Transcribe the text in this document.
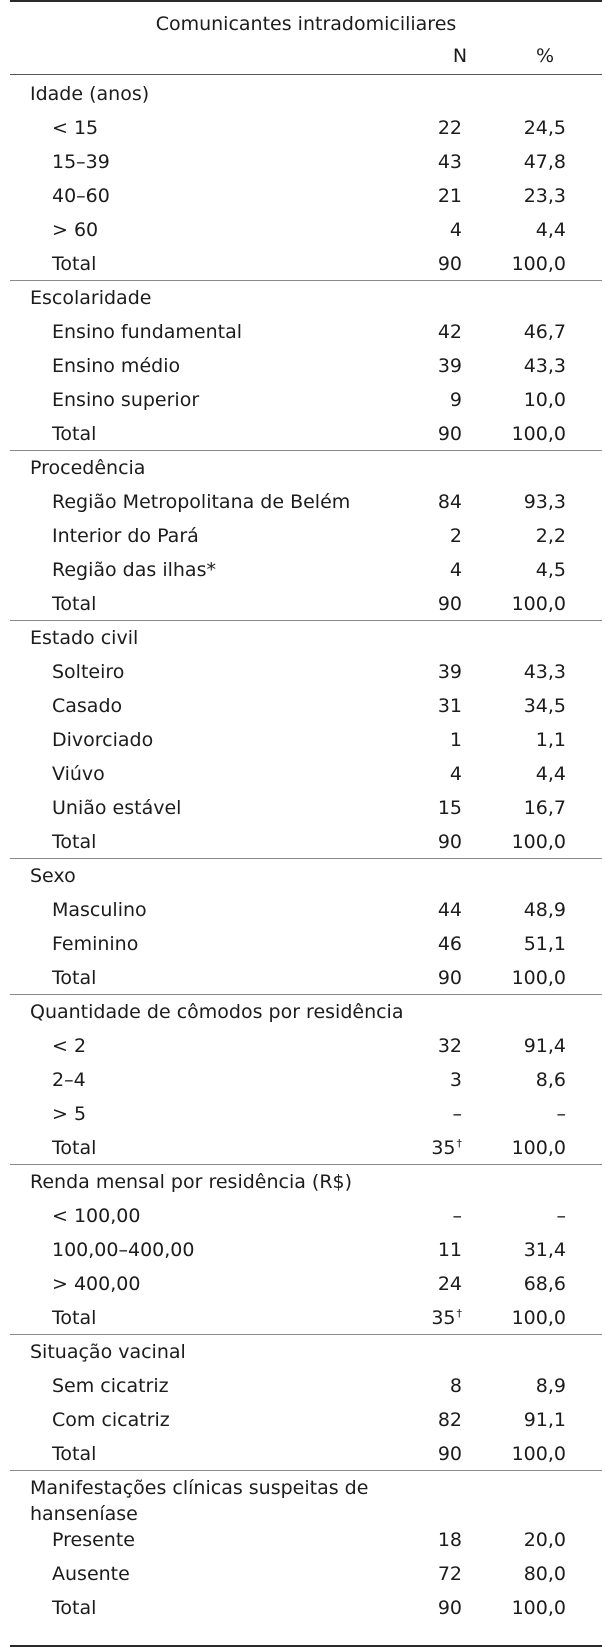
Comunicantes intradomiciliares
N	%
Idade (anos)
< 15	22	24,5
15–39	43	47,8
40–60	21	23,3
> 60	4	4,4
Total	90	100,0
Escolaridade
Ensino fundamental	42	46,7
Ensino médio	39	43,3
Ensino superior	9	10,0
Total	90	100,0
Procedência
Região Metropolitana de Belém	84	93,3
Interior do Pará	2	2,2
Região das ilhas*	4	4,5
Total	90	100,0
Estado civil
Solteiro	39	43,3
Casado	31	34,5
Divorciado	1	1,1
Viúvo	4	4,4
União estável	15	16,7
Total	90	100,0
Sexo
Masculino	44	48,9
Feminino	46	51,1
Total	90	100,0
Quantidade de cômodos por residência
< 2	32	91,4
2–4	3	8,6
> 5	–	–
Total	35†	100,0
Renda mensal por residência (R$)
< 100,00	–	–
100,00–400,00	11	31,4
> 400,00	24	68,6
Total	35†	100,0
Situação vacinal
Sem cicatriz	8	8,9
Com cicatriz	82	91,1
Total	90	100,0
Manifestações clínicas suspeitas de hanseníase
Presente	18	20,0
Ausente	72	80,0
Total	90	100,0
